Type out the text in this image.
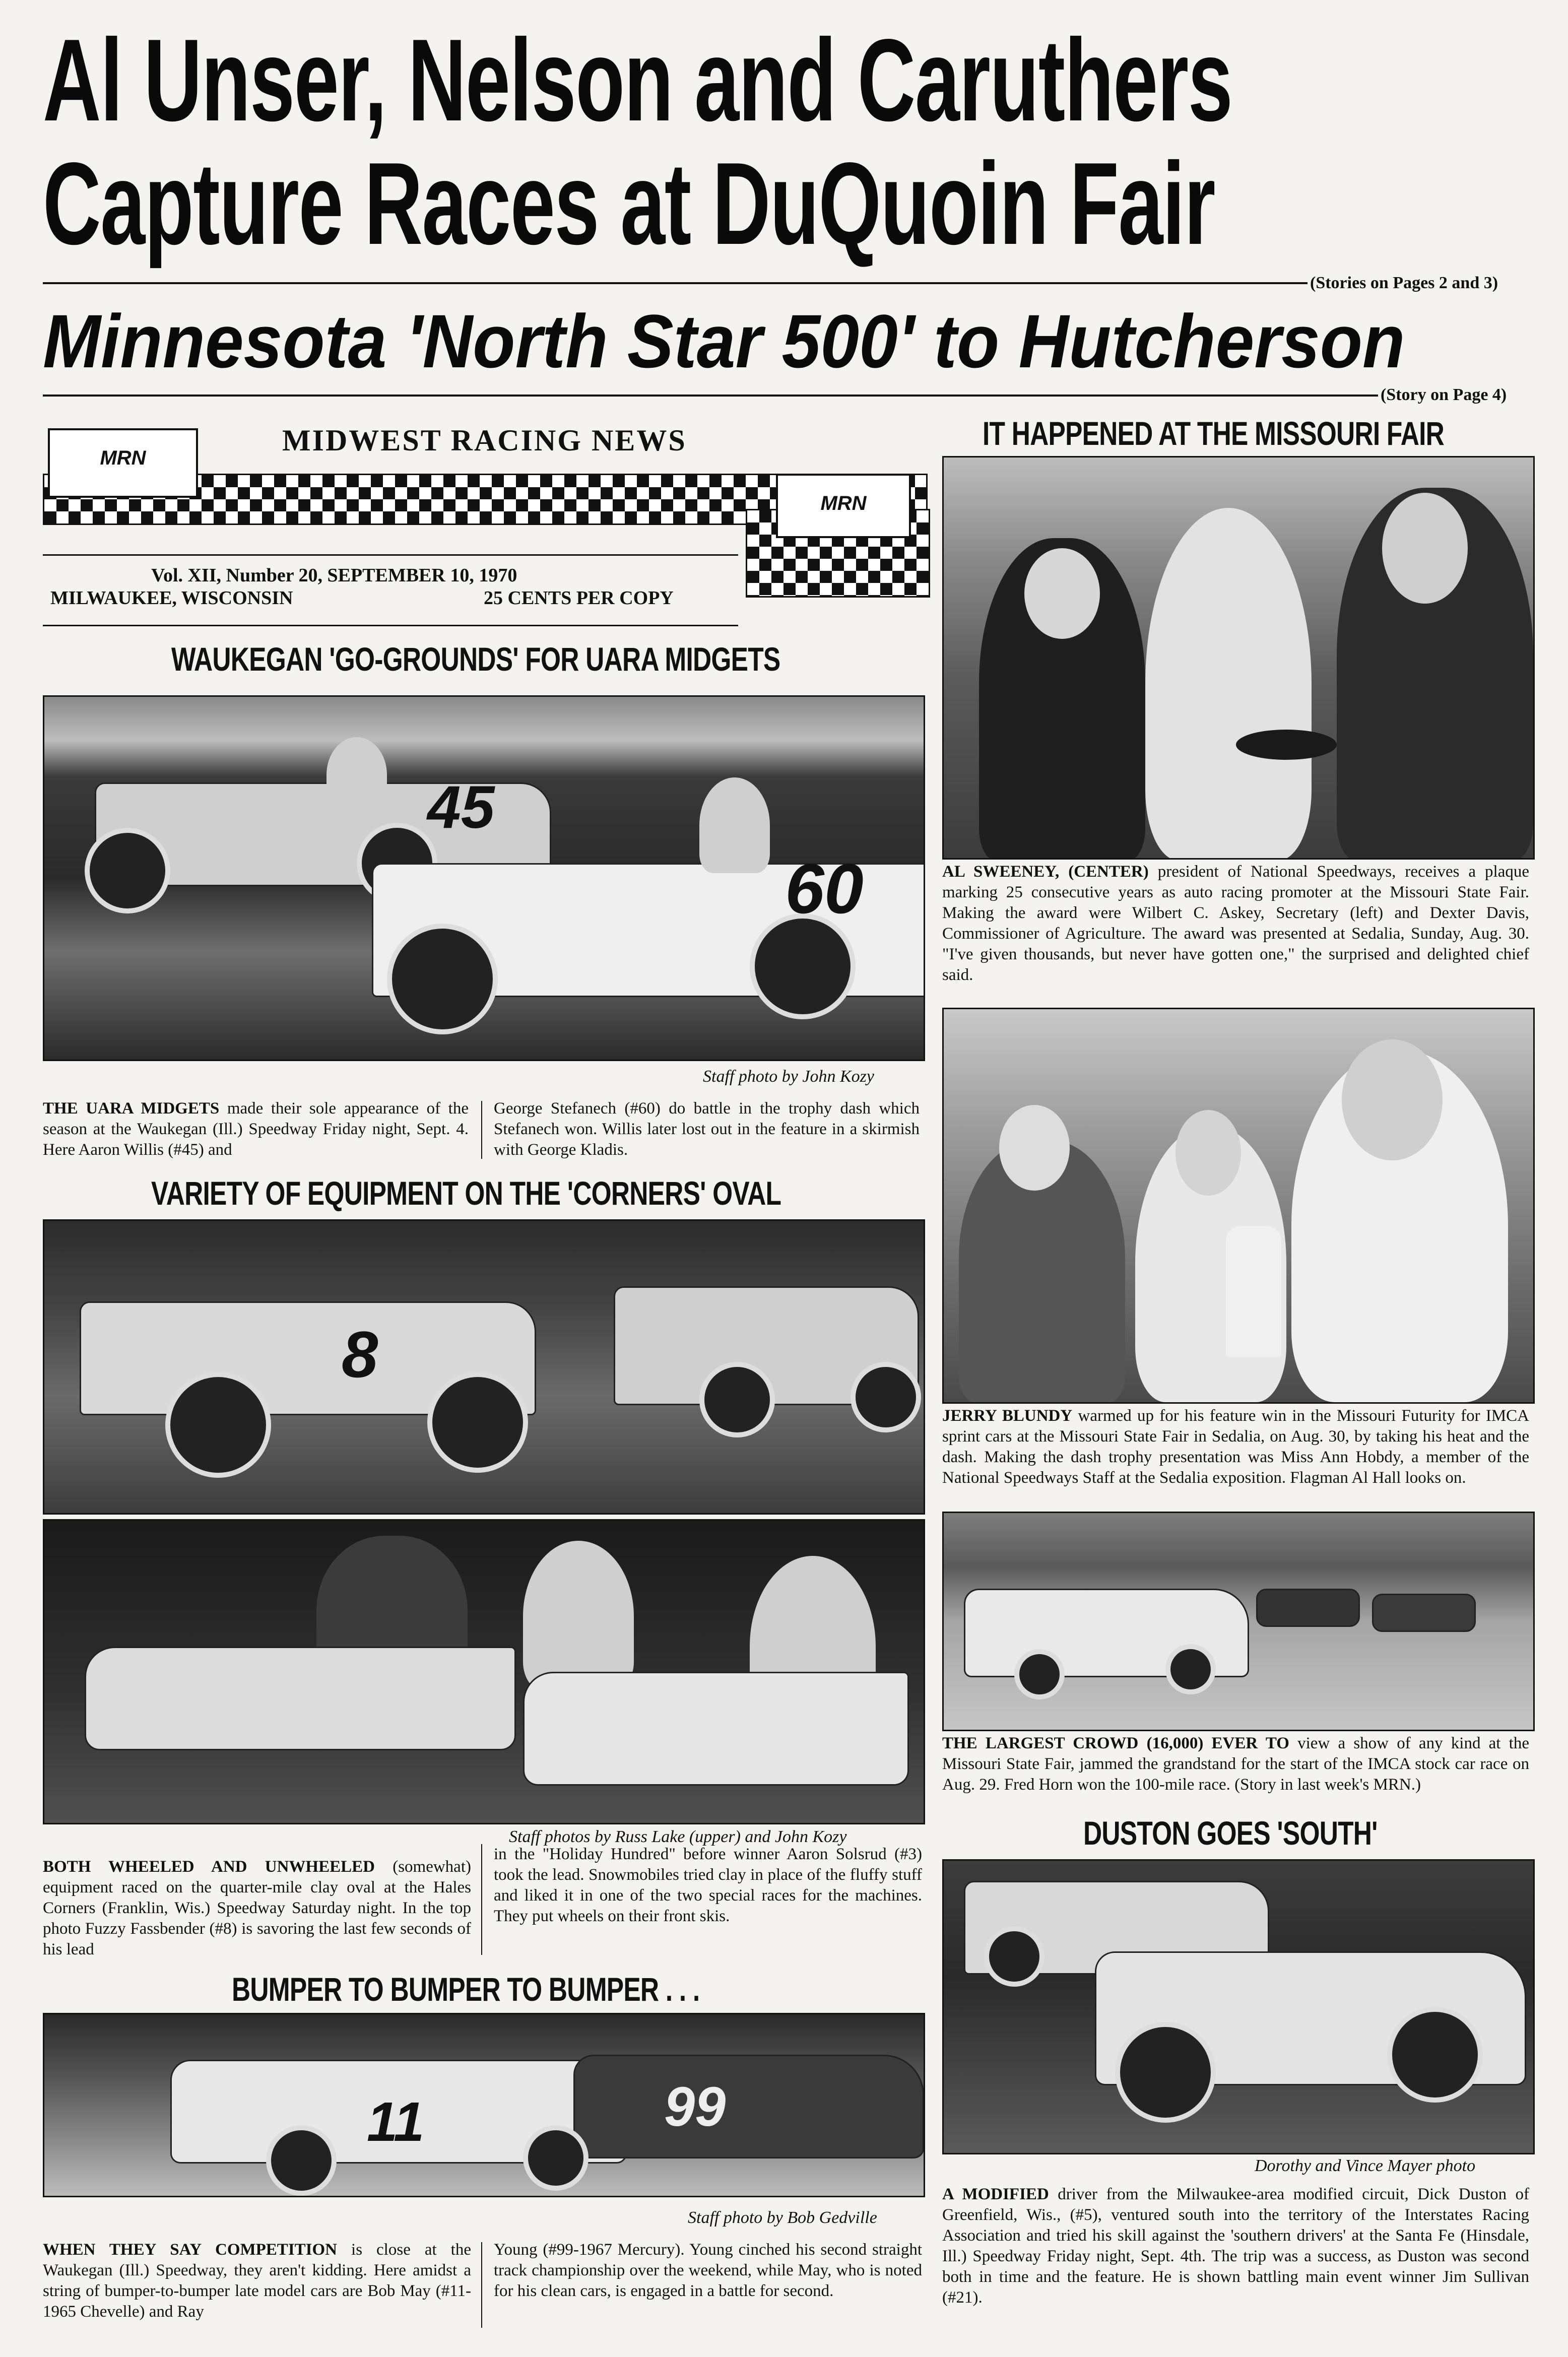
Al Unser, Nelson and Caruthers
Capture Races at DuQuoin Fair
(Stories on Pages 2 and 3)
Minnesota 'North Star 500' to Hutcherson
(Story on Page 4)
MRN
MRN
MIDWEST RACING NEWS
Vol. XII, Number 20, SEPTEMBER 10, 1970
MILWAUKEE, WISCONSIN	25 CENTS PER COPY
WAUKEGAN 'GO-GROUNDS' FOR UARA MIDGETS
45
60
Staff photo by John Kozy
THE UARA MIDGETS made their sole appearance of the season at the Waukegan (Ill.) Speedway Friday night, Sept. 4. Here Aaron Willis (#45) and
George Stefanech (#60) do battle in the trophy dash which Stefanech won. Willis later lost out in the feature in a skirmish with George Kladis.
VARIETY OF EQUIPMENT ON THE 'CORNERS' OVAL
8
Staff photos by Russ Lake (upper) and John Kozy
BOTH WHEELED AND UNWHEELED (somewhat) equipment raced on the quarter-mile clay oval at the Hales Corners (Franklin, Wis.) Speedway Saturday night. In the top photo Fuzzy Fassbender (#8) is savoring the last few seconds of his lead
in the "Holiday Hundred" before winner Aaron Solsrud (#3) took the lead. Snowmobiles tried clay in place of the fluffy stuff and liked it in one of the two special races for the machines. They put wheels on their front skis.
BUMPER TO BUMPER TO BUMPER . . .
11	99
Staff photo by Bob Gedville
WHEN THEY SAY COMPETITION is close at the Waukegan (Ill.) Speedway, they aren't kidding. Here amidst a string of bumper-to-bumper late model cars are Bob May (#11-1965 Chevelle) and Ray
Young (#99-1967 Mercury). Young cinched his second straight track championship over the weekend, while May, who is noted for his clean cars, is engaged in a battle for second.
IT HAPPENED AT THE MISSOURI FAIR
AL SWEENEY, (CENTER) president of National Speedways, receives a plaque marking 25 consecutive years as auto racing promoter at the Missouri State Fair. Making the award were Wilbert C. Askey, Secretary (left) and Dexter Davis, Commissioner of Agriculture. The award was presented at Sedalia, Sunday, Aug. 30. "I've given thousands, but never have gotten one," the surprised and delighted chief said.
JERRY BLUNDY warmed up for his feature win in the Missouri Futurity for IMCA sprint cars at the Missouri State Fair in Sedalia, on Aug. 30, by taking his heat and the dash. Making the dash trophy presentation was Miss Ann Hobdy, a member of the National Speedways Staff at the Sedalia exposition. Flagman Al Hall looks on.
THE LARGEST CROWD (16,000) EVER TO view a show of any kind at the Missouri State Fair, jammed the grandstand for the start of the IMCA stock car race on Aug. 29. Fred Horn won the 100-mile race. (Story in last week's MRN.)
DUSTON GOES 'SOUTH'
Dorothy and Vince Mayer photo
A MODIFIED driver from the Milwaukee-area modified circuit, Dick Duston of Greenfield, Wis., (#5), ventured south into the territory of the Interstates Racing Association and tried his skill against the 'southern drivers' at the Santa Fe (Hinsdale, Ill.) Speedway Friday night, Sept. 4th. The trip was a success, as Duston was second both in time and the feature. He is shown battling main event winner Jim Sullivan (#21).
